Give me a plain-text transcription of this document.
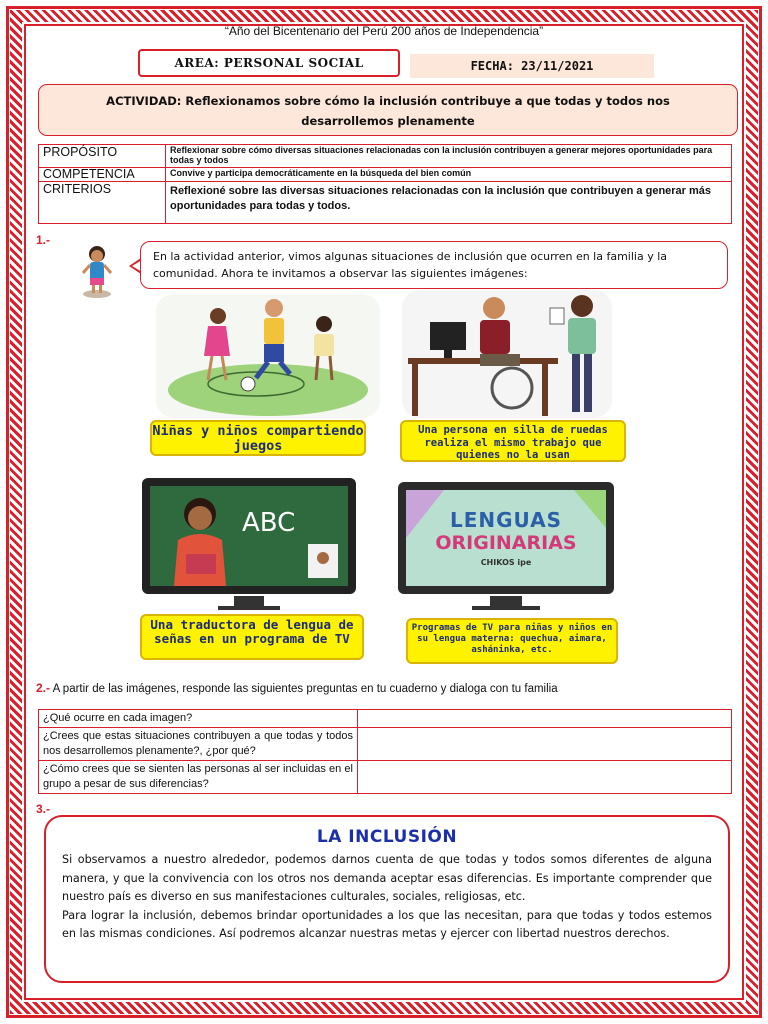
“Año del Bicentenario del Perú 200 años de Independencia”
AREA: PERSONAL SOCIAL	FECHA: 23/11/2021
ACTIVIDAD: Reflexionamos sobre cómo la inclusión contribuye a que todas y todos nos desarrollemos plenamente
PROPÓSITO	Reflexionar sobre cómo diversas situaciones relacionadas con la inclusión contribuyen a generar mejores oportunidades para todas y todos
COMPETENCIA	Convive y participa democráticamente en la búsqueda del bien común
CRITERIOS	Reflexioné sobre las diversas situaciones relacionadas con la inclusión que contribuyen a generar más oportunidades para todas y todos.
1.-
En la actividad anterior, vimos algunas situaciones de inclusión que ocurren en la familia y la comunidad. Ahora te invitamos a observar las siguientes imágenes:
Niñas y niños compartiendo juegos
Una persona en silla de ruedas realiza el mismo trabajo que quienes no la usan
ABC
Una traductora de lengua de señas en un programa de TV
LENGUAS
ORIGINARIAS
CHIKOS ipe
Programas de TV para niñas y niños en su lengua materna: quechua, aimara, asháninka, etc.
2.- A partir de las imágenes, responde las siguientes preguntas en tu cuaderno y dialoga con tu familia
¿Qué ocurre en cada imagen?	
¿Crees que estas situaciones contribuyen a que todas y todos nos desarrollemos plenamente?, ¿por qué?	
¿Cómo crees que se sienten las personas al ser incluidas en el grupo a pesar de sus diferencias?	
3.-
LA INCLUSIÓN

Si observamos a nuestro alrededor, podemos darnos cuenta de que todas y todos somos diferentes de alguna manera, y que la convivencia con los otros nos demanda aceptar esas diferencias. Es importante comprender que nuestro país es diverso en sus manifestaciones culturales, sociales, religiosas, etc.

Para lograr la inclusión, debemos brindar oportunidades a los que las necesitan, para que todas y todos estemos en las mismas condiciones. Así podremos alcanzar nuestras metas y ejercer con libertad nuestros derechos.
